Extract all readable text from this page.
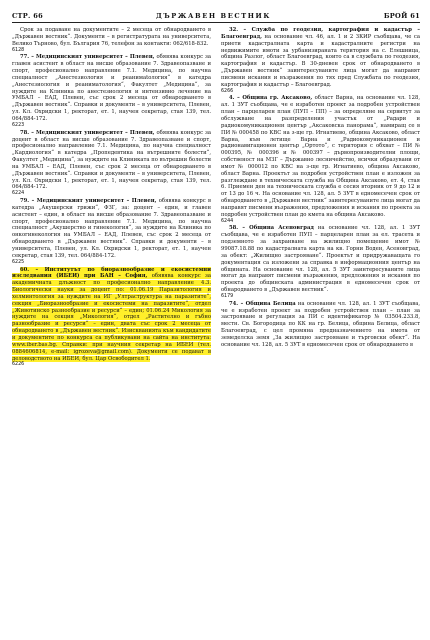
СТР. 66	ДЪРЖАВЕН ВЕСТНИК	БРОЙ 61

Срок за подаване на документите – 2 месеца от обнародването в „Държавен вестник“. Документи – в регистратурата на университета, Велико Търново, бул. България 76, телефон за контакти: 062/618-832.

6128

77. – Медицинският университет – Плевен, обявява конкурс за главен асистент в област на висше образование 7. Здравеопазване и спорт, професионално направление 7.1. Медицина, по научна специалност „Анестезиология и реанимatология“ в катедра „Анестезиология и реаниматология“, Факултет „Медицина“, за нуждите на Клиника по анестезиология и интензивно лечение на УМБАЛ – ЕАД, Плевен, със срок 2 месеца от обнародването в „Държавен вестник“. Справки и документи – в университета, Плевен, ул. Кл. Охридски 1, ректорат, ет. 1, научен секретар, стая 139, тел. 064/884-172.

6223

78. – Медицинският университет – Плевен, обявява конкурс за доцент в област на висше образование 7. Здравеопазване и спорт, професионално направление 7.1. Медицина, по научна специалност „Кардиология“ в катедра „Пропедевтика на вътрешните болести“, Факултет „Медицина“, за нуждите на Клиниката по вътрешни болести на УМБАЛ – ЕАД, Плевен, със срок 2 месеца от обнародването в „Държавен вестник“. Справки и документи – в университета, Плевен, ул. Кл. Охридски 1, ректорат, ет. 1, научен секретар, стая 139, тел. 064/884-172.

6224

79. – Медицинският университет – Плевен, обявява конкурс в катедра „Акушерски грижи“, ФЗГ, за: доцент – един, и главен асистент – един, в област на висше образование 7. Здравеопазване и спорт, професионално направление 7.1. Медицина, по научна специалност „Акушерство и гинекология“, за нуждите на Клиника по онкогинекология на УМБАЛ – ЕАД, Плевен, със срок 2 месеца от обнародването в „Държавен вестник“. Справки и документи – в университета, Плевен, ул. Кл. Охридски 1, ректорат, ет. 1, научен секретар, стая 139, тел. 064/884-172.

6225

60. – Институтът по биоразнообразие и екосистемни изследвания (ИБЕИ) при БАН – София, обявява конкурс за академичната длъжност по професионално направление 4.3. Биологически науки за доцент по: 01.06.19 Паразитология и хелминтология за нуждите на ИГ „Ултраструктура на паразитите“, секция „Биоразнообразие и екосистеми на паразитите“, отдел „Животинско разнообразие и ресурси“ – един; 01.06.24 Микология за нуждите на секция „Микология“, отдел „Растително и гъбно разнообразие и ресурси“ – един, двата със срок 2 месеца от обнародването в „Държавен вестник“. Изискванията към кандидатите и документите по конкурса са публикувани на сайта на института: www.iber.bas.bg. Справки: при научния секретар на ИБЕИ (тел. 0884606814, e-mail: igrozeva@gmail.com). Документи се подават в деловодството на ИБЕИ, бул. Цар Освободител 1.

6226

32. – Служба по геодезия, картография и кадастър – Благоевград, на основание чл. 46, ал. 1 и 2 ЗКИР съобщава, че са приети кадастралната карта и кадастралните регистри на недвижимите имоти за урбанизираната територия на с. Елешница, община Разлог, област Благоевград, които са в службата по геодезия, картография и кадастър. В 30-дневен срок от обнародването в „Държавен вестник“ заинтересуваните лица могат да направят писмени искания и възражения по тях пред Службата по геодезия, картография и кадастър – Благоевград.

6266

4. – Община гр. Аксаково, област Варна, на основание чл. 128, ал. 1 ЗУТ съобщава, че е изработен проект за подробен устройствен план – парцеларен план (ПУП – ПП) – за определяне на сервитут за обслужване на разпределения участък от „Радари и радиокомуникационен център „Аксаковска панорама“, намиращ се в ПИ № 000458 по КВС на з-ще гр. Игнатиево, община Аксаково, област Варна, към летище Варна и „Радиокомуникационен и радионавигационен център „Ортото“, с територия с обхват – ПИ № 000395, № 000396 и № 000397 – дървопроизводителни площи, собственост на МЗГ – Държавно лесничейство, всички образувани от имот № 000012 по КВС на з-ще гр. Игнатиево, община Аксаково, област Варна. Проектът за подробен устройствен план е изложен за разглеждане в техническата служба на Община Аксаково, ет. 4, стая 6. Приемен ден на техническата служба е сесия вторник от 9 до 12 и от 13 до 16 ч. На основание чл. 128, ал. 5 ЗУТ в едномесечен срок от обнародването в „Държавен вестник“ заинтересуваните лица могат да направят писмени възражения, предложения и искания по проекта за подробен устройствен план до кмета на община Аксаково.

6244

58. – Община Асеновград на основание чл. 128, ал. 1 ЗУТ съобщава, че е изработен ПУП – парцеларен план за ел. трасета и подземното за захранване на жилищно помещение имот № 99087.18.88 по кадастралната карта на кв. Горни Воден, Асеновград, за обект: „Жилищно застрояване“. Проектът и придружаващата го документация са изложени за справка в информационния център на общината. На основание чл. 128, ал. 5 ЗУТ заинтересуваните лица могат да направят писмени възражения, предложения и искания по проекта до общинската администрация в едномесечен срок от обнародването в „Държавен вестник“.

6179

74. – Община Белица на основание чл. 128, ал. 1 ЗУТ съобщава, че е изработен проект за подробен устройствен план – план за застрояване и регулация за ПИ с идентификатор № 03504.233.8, местн. Св. Богородица по КК на гр. Белица, община Белица, област Благоевград, с цел промяна предназначението на имота от земеделска земя „За жилищно застрояване и търговски обект“. На основание чл. 128, ал. 5 ЗУТ в едномесечен срок от обнародването в
